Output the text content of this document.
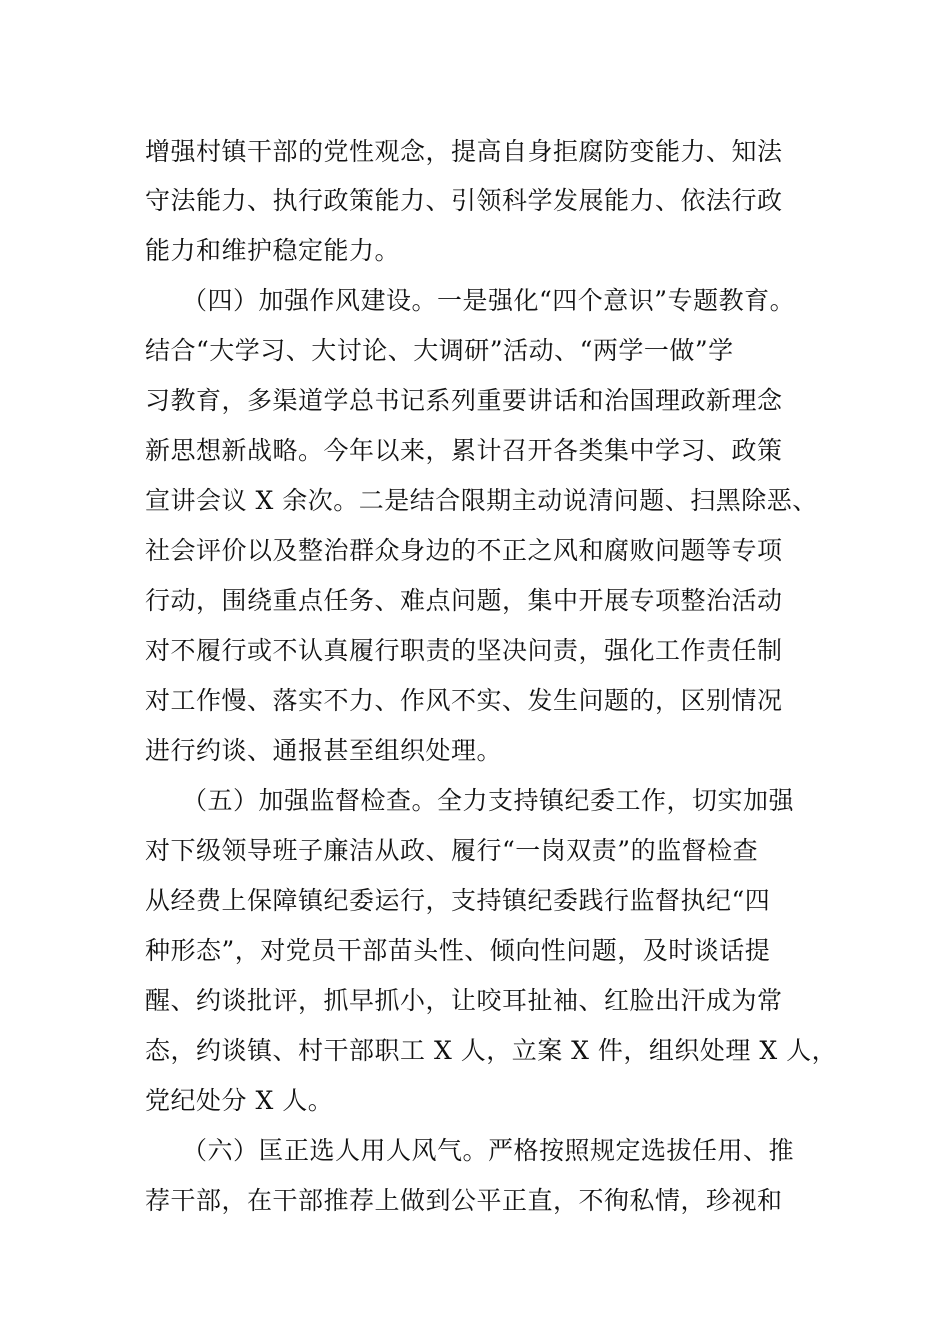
增强村镇干部的党性观念，提高自身拒腐防变能力、知法
守法能力、执行政策能力、引领科学发展能力、依法行政
能力和维护稳定能力。
（四）加强作风建设。一是强化“四个意识”专题教育。
结合“大学习、大讨论、大调研”活动、“两学一做”学
习教育，多渠道学总书记系列重要讲话和治国理政新理念
新思想新战略。今年以来，累计召开各类集中学习、政策
宣讲会议 X 余次。二是结合限期主动说清问题、扫黑除恶、
社会评价以及整治群众身边的不正之风和腐败问题等专项
行动，围绕重点任务、难点问题，集中开展专项整治活动
对不履行或不认真履行职责的坚决问责，强化工作责任制
对工作慢、落实不力、作风不实、发生问题的，区别情况
进行约谈、通报甚至组织处理。
（五）加强监督检查。全力支持镇纪委工作，切实加强
对下级领导班子廉洁从政、履行“一岗双责”的监督检查
从经费上保障镇纪委运行，支持镇纪委践行监督执纪“四
种形态”，对党员干部苗头性、倾向性问题，及时谈话提
醒、约谈批评，抓早抓小，让咬耳扯袖、红脸出汗成为常
态，约谈镇、村干部职工 X 人，立案 X 件，组织处理 X 人，
党纪处分 X 人。
（六）匡正选人用人风气。严格按照规定选拔任用、推
荐干部，在干部推荐上做到公平正直，不徇私情，珍视和
